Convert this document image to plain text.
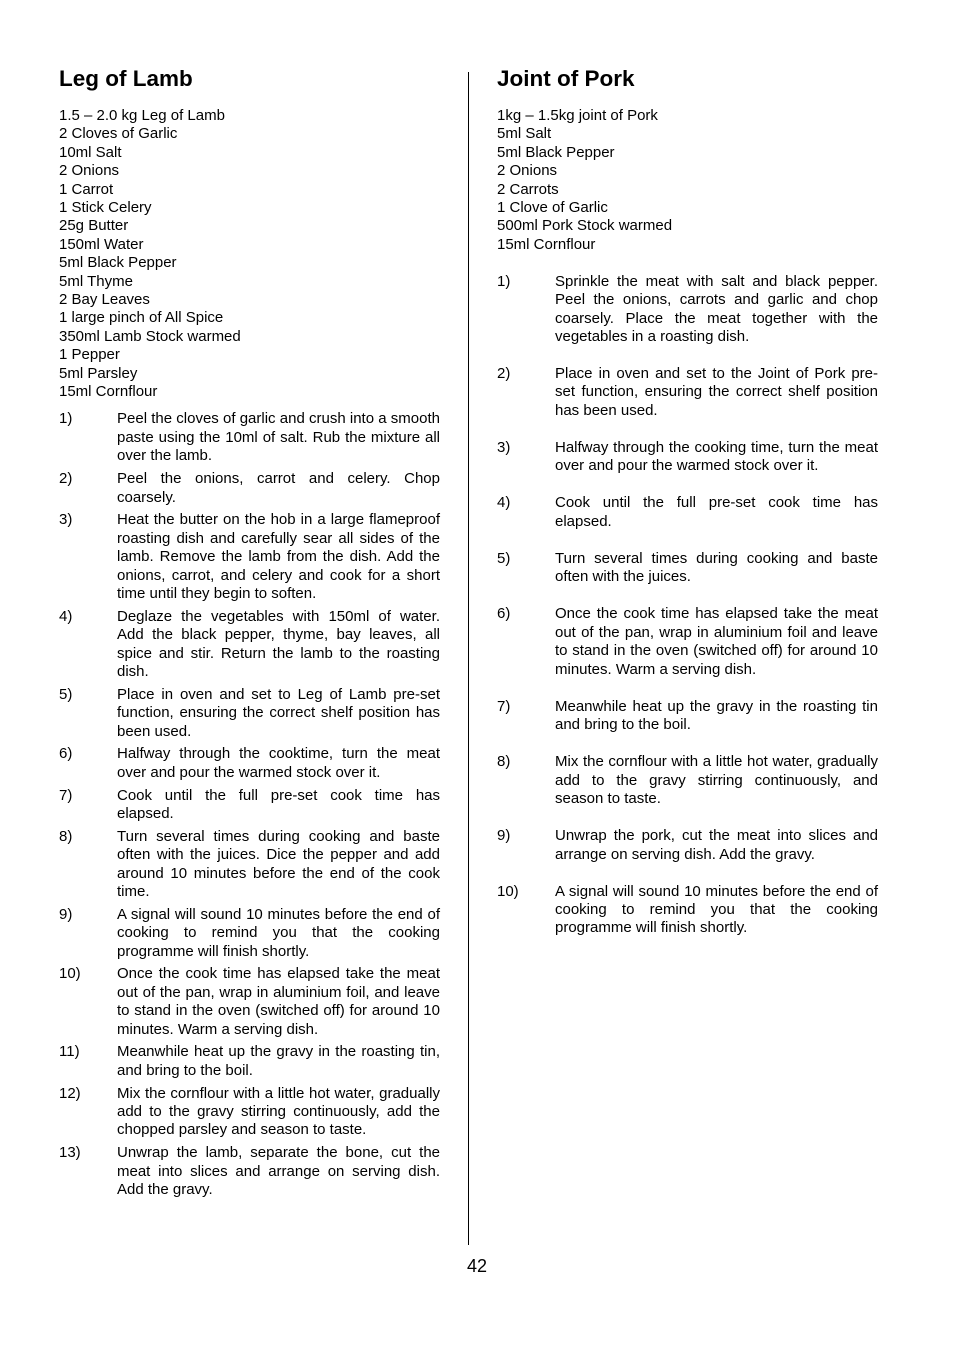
Leg of Lamb
1.5 – 2.0 kg Leg of Lamb
2 Cloves of Garlic
10ml Salt
2 Onions
1 Carrot
1 Stick Celery
25g Butter
150ml Water
5ml Black Pepper
5ml Thyme
2 Bay Leaves
1 large pinch of All Spice
350ml Lamb Stock warmed
1 Pepper
5ml Parsley
15ml Cornflour
1)	Peel the cloves of garlic and crush into a smooth paste using the 10ml of salt. Rub the mixture all over the lamb.
2)	Peel the onions, carrot and celery. Chop coarsely.
3)	Heat the butter on the hob in a large flameproof roasting dish and carefully sear all sides of the lamb. Remove the lamb from the dish. Add the onions, carrot, and celery and cook for a short time until they begin to soften.
4)	Deglaze the vegetables with 150ml of water. Add the black pepper, thyme, bay leaves, all spice and stir. Return the lamb to the roasting dish.
5)	Place in oven and set to Leg of Lamb pre-set function, ensuring the correct shelf position has been used.
6)	Halfway through the cooktime, turn the meat over and pour the warmed stock over it.
7)	Cook until the full pre-set cook time has elapsed.
8)	Turn several times during cooking and baste often with the juices. Dice the pepper and add around 10 minutes before the end of the cook time.
9)	A signal will sound 10 minutes before the end of cooking to remind you that the cooking programme will finish shortly.
10)	Once the cook time has elapsed take the meat out of the pan, wrap in aluminium foil, and leave to stand in the oven (switched off) for around 10 minutes. Warm a serving dish.
11)	Meanwhile heat up the gravy in the roasting tin, and bring to the boil.
12)	Mix the cornflour with a little hot water, gradually add to the gravy stirring continuously, add the chopped parsley and season to taste.
13)	Unwrap the lamb, separate the bone, cut the meat into slices and arrange on serving dish. Add the gravy.
Joint of Pork
1kg – 1.5kg joint of Pork
5ml Salt
5ml Black Pepper
2 Onions
2 Carrots
1 Clove of Garlic
500ml Pork Stock warmed
15ml Cornflour
1)	Sprinkle the meat with salt and black pepper. Peel the onions, carrots and garlic and chop coarsely. Place the meat together with the vegetables in a roasting dish.
2)	Place in oven and set to the Joint of Pork pre-set function, ensuring the correct shelf position has been used.
3)	Halfway through the cooking time, turn the meat over and pour the warmed stock over it.
4)	Cook until the full pre-set cook time has elapsed.
5)	Turn several times during cooking and baste often with the juices.
6)	Once the cook time has elapsed take the meat out of the pan, wrap in aluminium foil and leave to stand in the oven (switched off) for around 10 minutes. Warm a serving dish.
7)	Meanwhile heat up the gravy in the roasting tin and bring to the boil.
8)	Mix the cornflour with a little hot water, gradually add to the gravy stirring continuously, and season to taste.
9)	Unwrap the pork, cut the meat into slices and arrange on serving dish. Add the gravy.
10)	A signal will sound 10 minutes before the end of cooking to remind you that the cooking programme will finish shortly.
42
